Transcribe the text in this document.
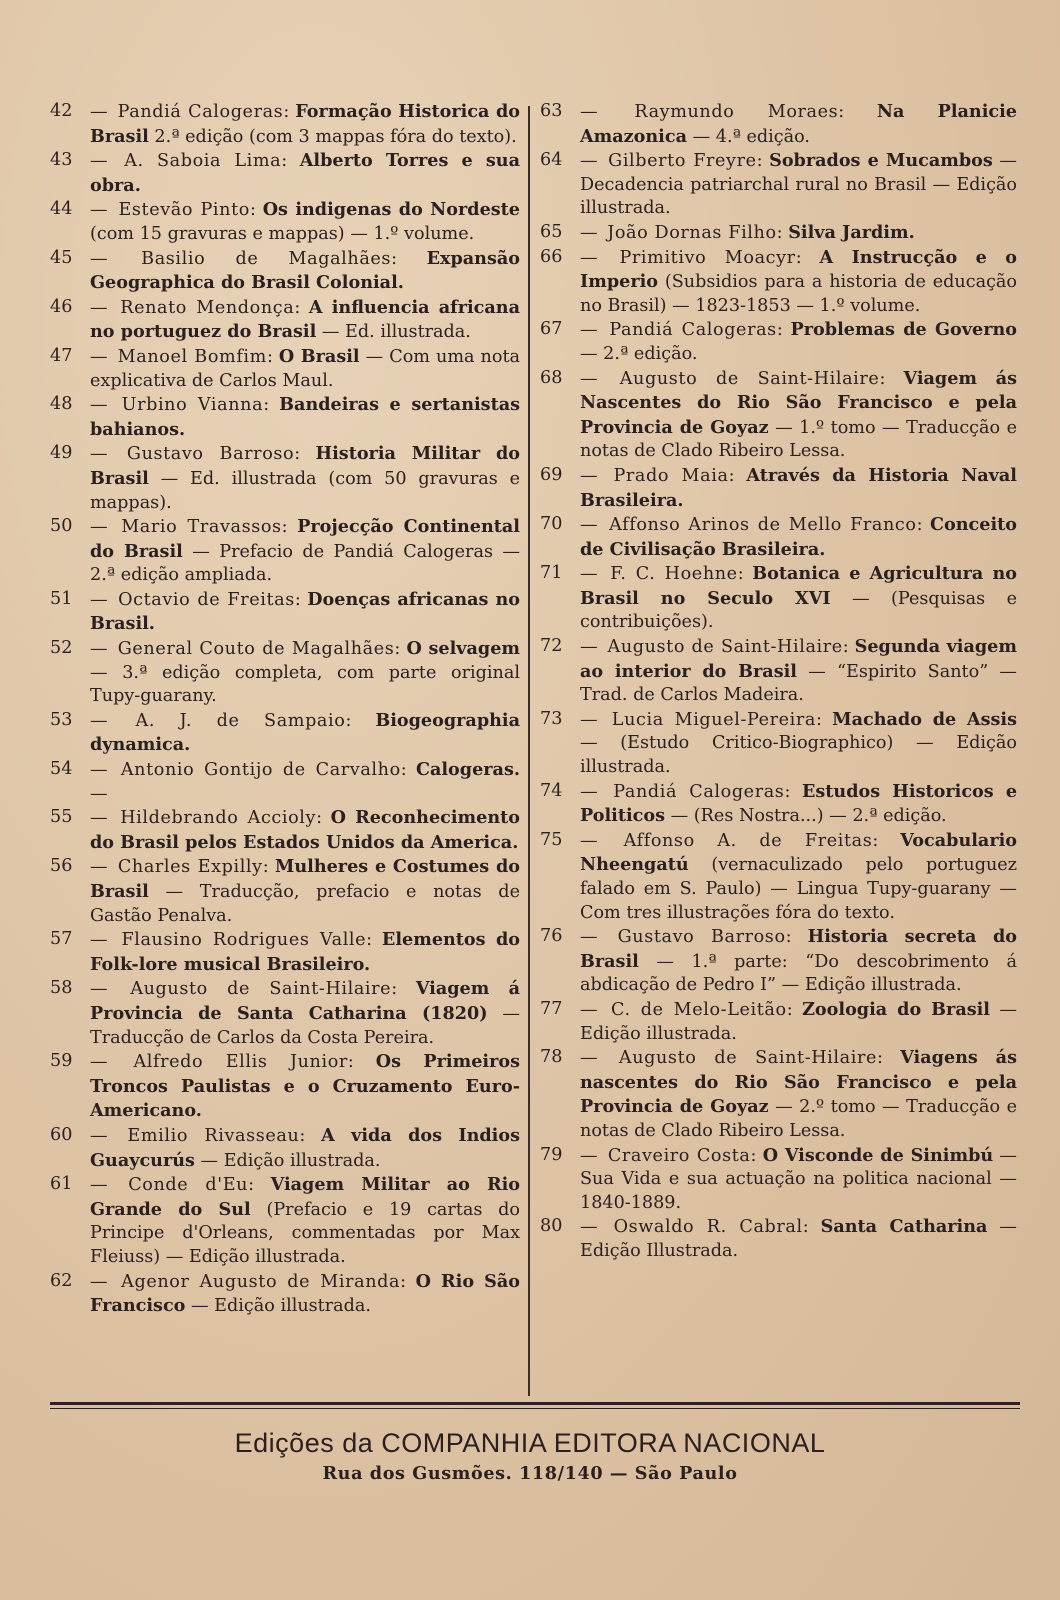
42 — Pandiá Calogeras: Formação Historica do Brasil 2.ª edição (com 3 mappas fóra do texto).
43 — A. Saboia Lima: Alberto Torres e sua obra.
44 — Estevão Pinto: Os indigenas do Nordeste (com 15 gravuras e mappas) — 1.º volume.
45 — Basilio de Magalhães: Expansão Geographica do Brasil Colonial.
46 — Renato Mendonça: A influencia africana no portuguez do Brasil — Ed. illustrada.
47 — Manoel Bomfim: O Brasil — Com uma nota explicativa de Carlos Maul.
48 — Urbino Vianna: Bandeiras e sertanistas bahianos.
49 — Gustavo Barroso: Historia Militar do Brasil — Ed. illustrada (com 50 gravuras e mappas).
50 — Mario Travassos: Projecção Continental do Brasil — Prefacio de Pandiá Calogeras — 2.ª edição ampliada.
51 — Octavio de Freitas: Doenças africanas no Brasil.
52 — General Couto de Magalhães: O selvagem — 3.ª edição completa, com parte original Tupy-guarany.
53 — A. J. de Sampaio: Biogeographia dynamica.
54 — Antonio Gontijo de Carvalho: Calogeras. —
55 — Hildebrando Accioly: O Reconhecimento do Brasil pelos Estados Unidos da America.
56 — Charles Expilly: Mulheres e Costumes do Brasil — Traducção, prefacio e notas de Gastão Penalva.
57 — Flausino Rodrigues Valle: Elementos do Folk-lore musical Brasileiro.
58 — Augusto de Saint-Hilaire: Viagem á Provincia de Santa Catharina (1820) — Traducção de Carlos da Costa Pereira.
59 — Alfredo Ellis Junior: Os Primeiros Troncos Paulistas e o Cruzamento Euro-Americano.
60 — Emilio Rivasseau: A vida dos Indios Guaycurús — Edição illustrada.
61 — Conde d'Eu: Viagem Militar ao Rio Grande do Sul (Prefacio e 19 cartas do Principe d'Orleans, commentadas por Max Fleiuss) — Edição illustrada.
62 — Agenor Augusto de Miranda: O Rio São Francisco — Edição illustrada.
63 — Raymundo Moraes: Na Planicie Amazonica — 4.ª edição.
64 — Gilberto Freyre: Sobrados e Mucambos — Decadencia patriarchal rural no Brasil — Edição illustrada.
65 — João Dornas Filho: Silva Jardim.
66 — Primitivo Moacyr: A Instrucção e o Imperio (Subsidios para a historia de educação no Brasil) — 1823-1853 — 1.º volume.
67 — Pandiá Calogeras: Problemas de Governo — 2.ª edição.
68 — Augusto de Saint-Hilaire: Viagem ás Nascentes do Rio São Francisco e pela Provincia de Goyaz — 1.º tomo — Traducção e notas de Clado Ribeiro Lessa.
69 — Prado Maia: Através da Historia Naval Brasileira.
70 — Affonso Arinos de Mello Franco: Conceito de Civilisação Brasileira.
71 — F. C. Hoehne: Botanica e Agricultura no Brasil no Seculo XVI — (Pesquisas e contribuições).
72 — Augusto de Saint-Hilaire: Segunda viagem ao interior do Brasil — “Espirito Santo” — Trad. de Carlos Madeira.
73 — Lucia Miguel-Pereira: Machado de Assis — (Estudo Critico-Biographico) — Edição illustrada.
74 — Pandiá Calogeras: Estudos Historicos e Politicos — (Res Nostra...) — 2.ª edição.
75 — Affonso A. de Freitas: Vocabulario Nheengatú (vernaculizado pelo portuguez falado em S. Paulo) — Lingua Tupy-guarany — Com tres illustrações fóra do texto.
76 — Gustavo Barroso: Historia secreta do Brasil — 1.ª parte: “Do descobrimento á abdicação de Pedro I” — Edição illustrada.
77 — C. de Melo-Leitão: Zoologia do Brasil — Edição illustrada.
78 — Augusto de Saint-Hilaire: Viagens ás nascentes do Rio São Francisco e pela Provincia de Goyaz — 2.º tomo — Traducção e notas de Clado Ribeiro Lessa.
79 — Craveiro Costa: O Visconde de Sinimbú — Sua Vida e sua actuação na politica nacional — 1840-1889.
80 — Oswaldo R. Cabral: Santa Catharina — Edição Illustrada.
Edições da COMPANHIA EDITORA NACIONAL
Rua dos Gusmões. 118/140 — São Paulo
